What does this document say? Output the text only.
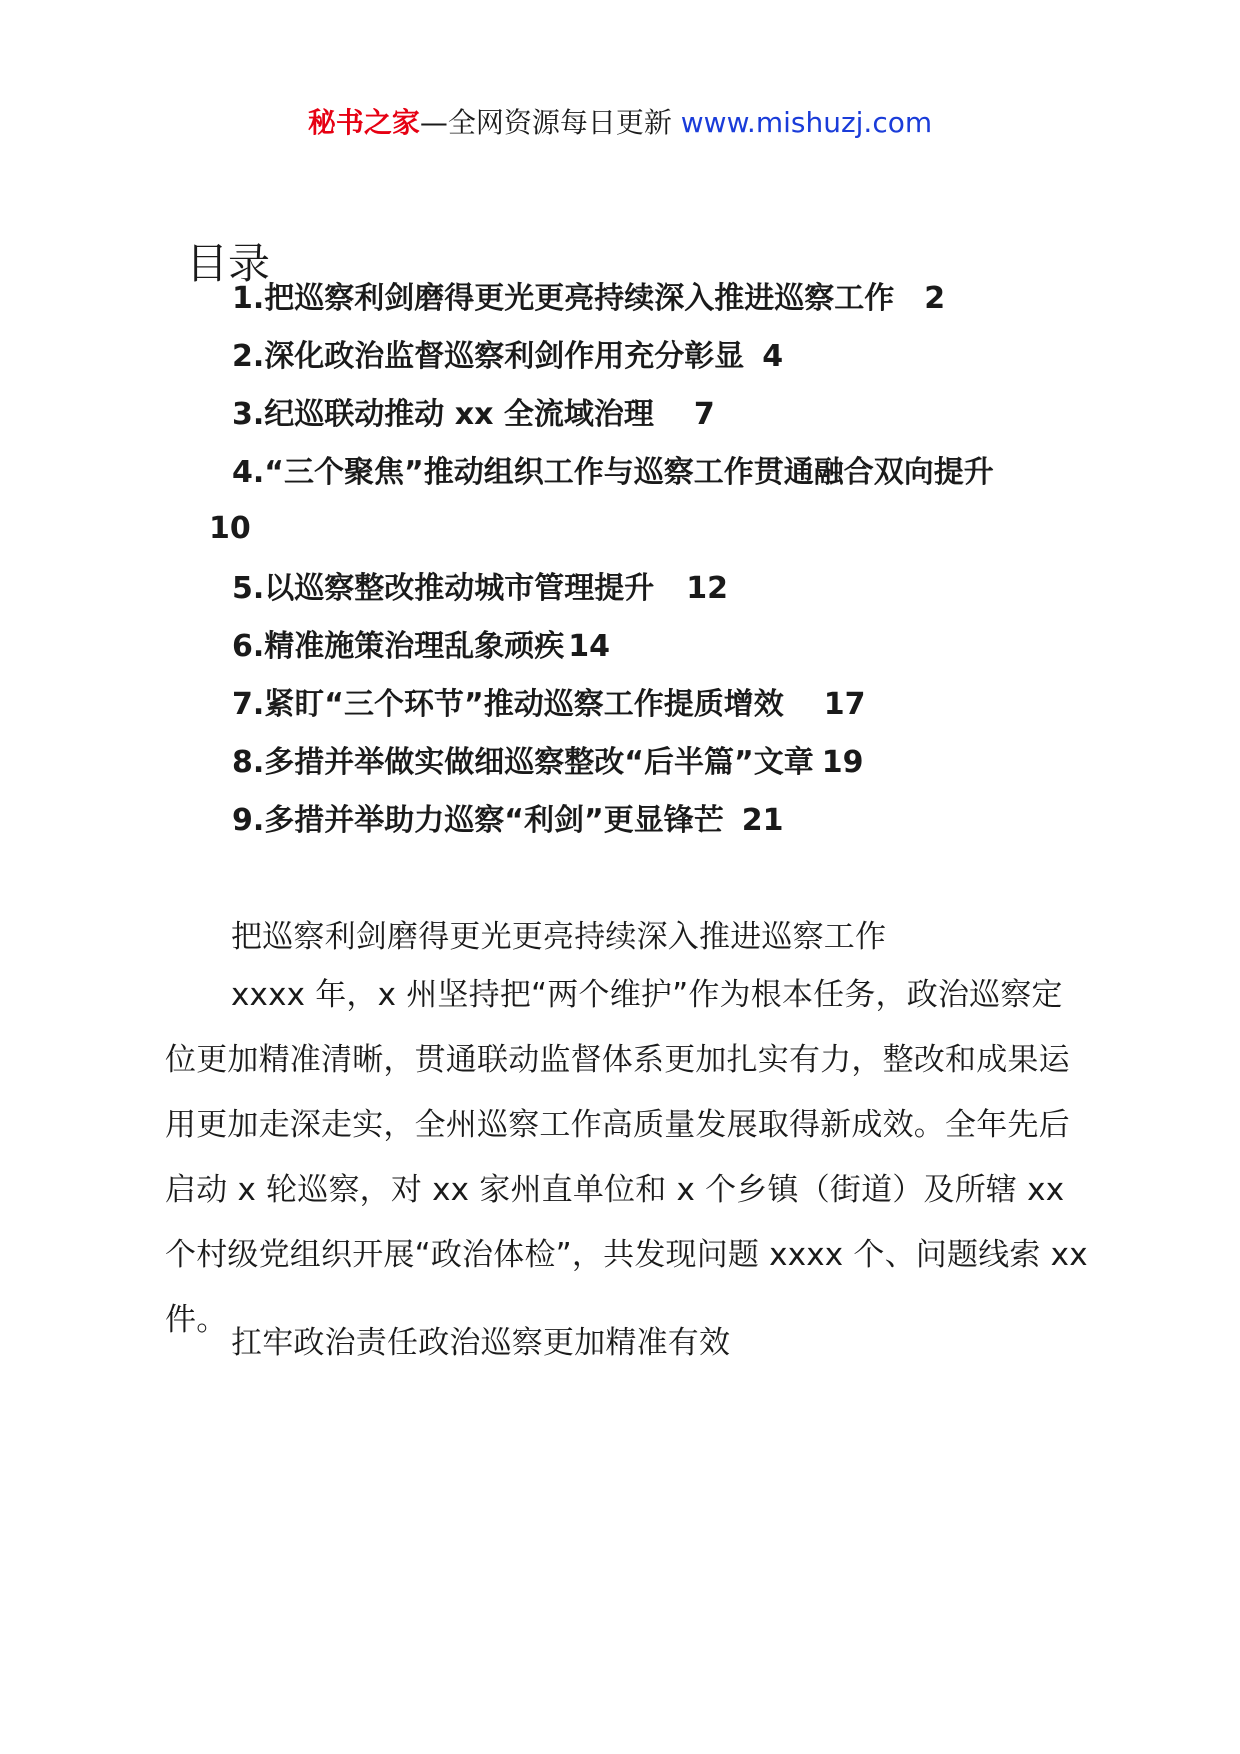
秘书之家—全网资源每日更新 www.mishuzj.com
目录
1.把巡察利剑磨得更光更亮持续深入推进巡察工作 2
2.深化政治监督巡察利剑作用充分彰显 4
3.纪巡联动推动 xx 全流域治理 7
4.“三个聚焦”推动组织工作与巡察工作贯通融合双向提升
10
5.以巡察整改推动城市管理提升 12
6.精准施策治理乱象顽疾 14
7.紧盯“三个环节”推动巡察工作提质增效 17
8.多措并举做实做细巡察整改“后半篇”文章 19
9.多措并举助力巡察“利剑”更显锋芒 21
把巡察利剑磨得更光更亮持续深入推进巡察工作
xxxx 年，x 州坚持把“两个维护”作为根本任务，政治巡察定位更加精准清晰，贯通联动监督体系更加扎实有力，整改和成果运用更加走深走实，全州巡察工作高质量发展取得新成效。全年先后启动 x 轮巡察，对 xx 家州直单位和 x 个乡镇（街道）及所辖 xx 个村级党组织开展“政治体检”，共发现问题 xxxx 个、问题线索 xx 件。
扛牢政治责任政治巡察更加精准有效
